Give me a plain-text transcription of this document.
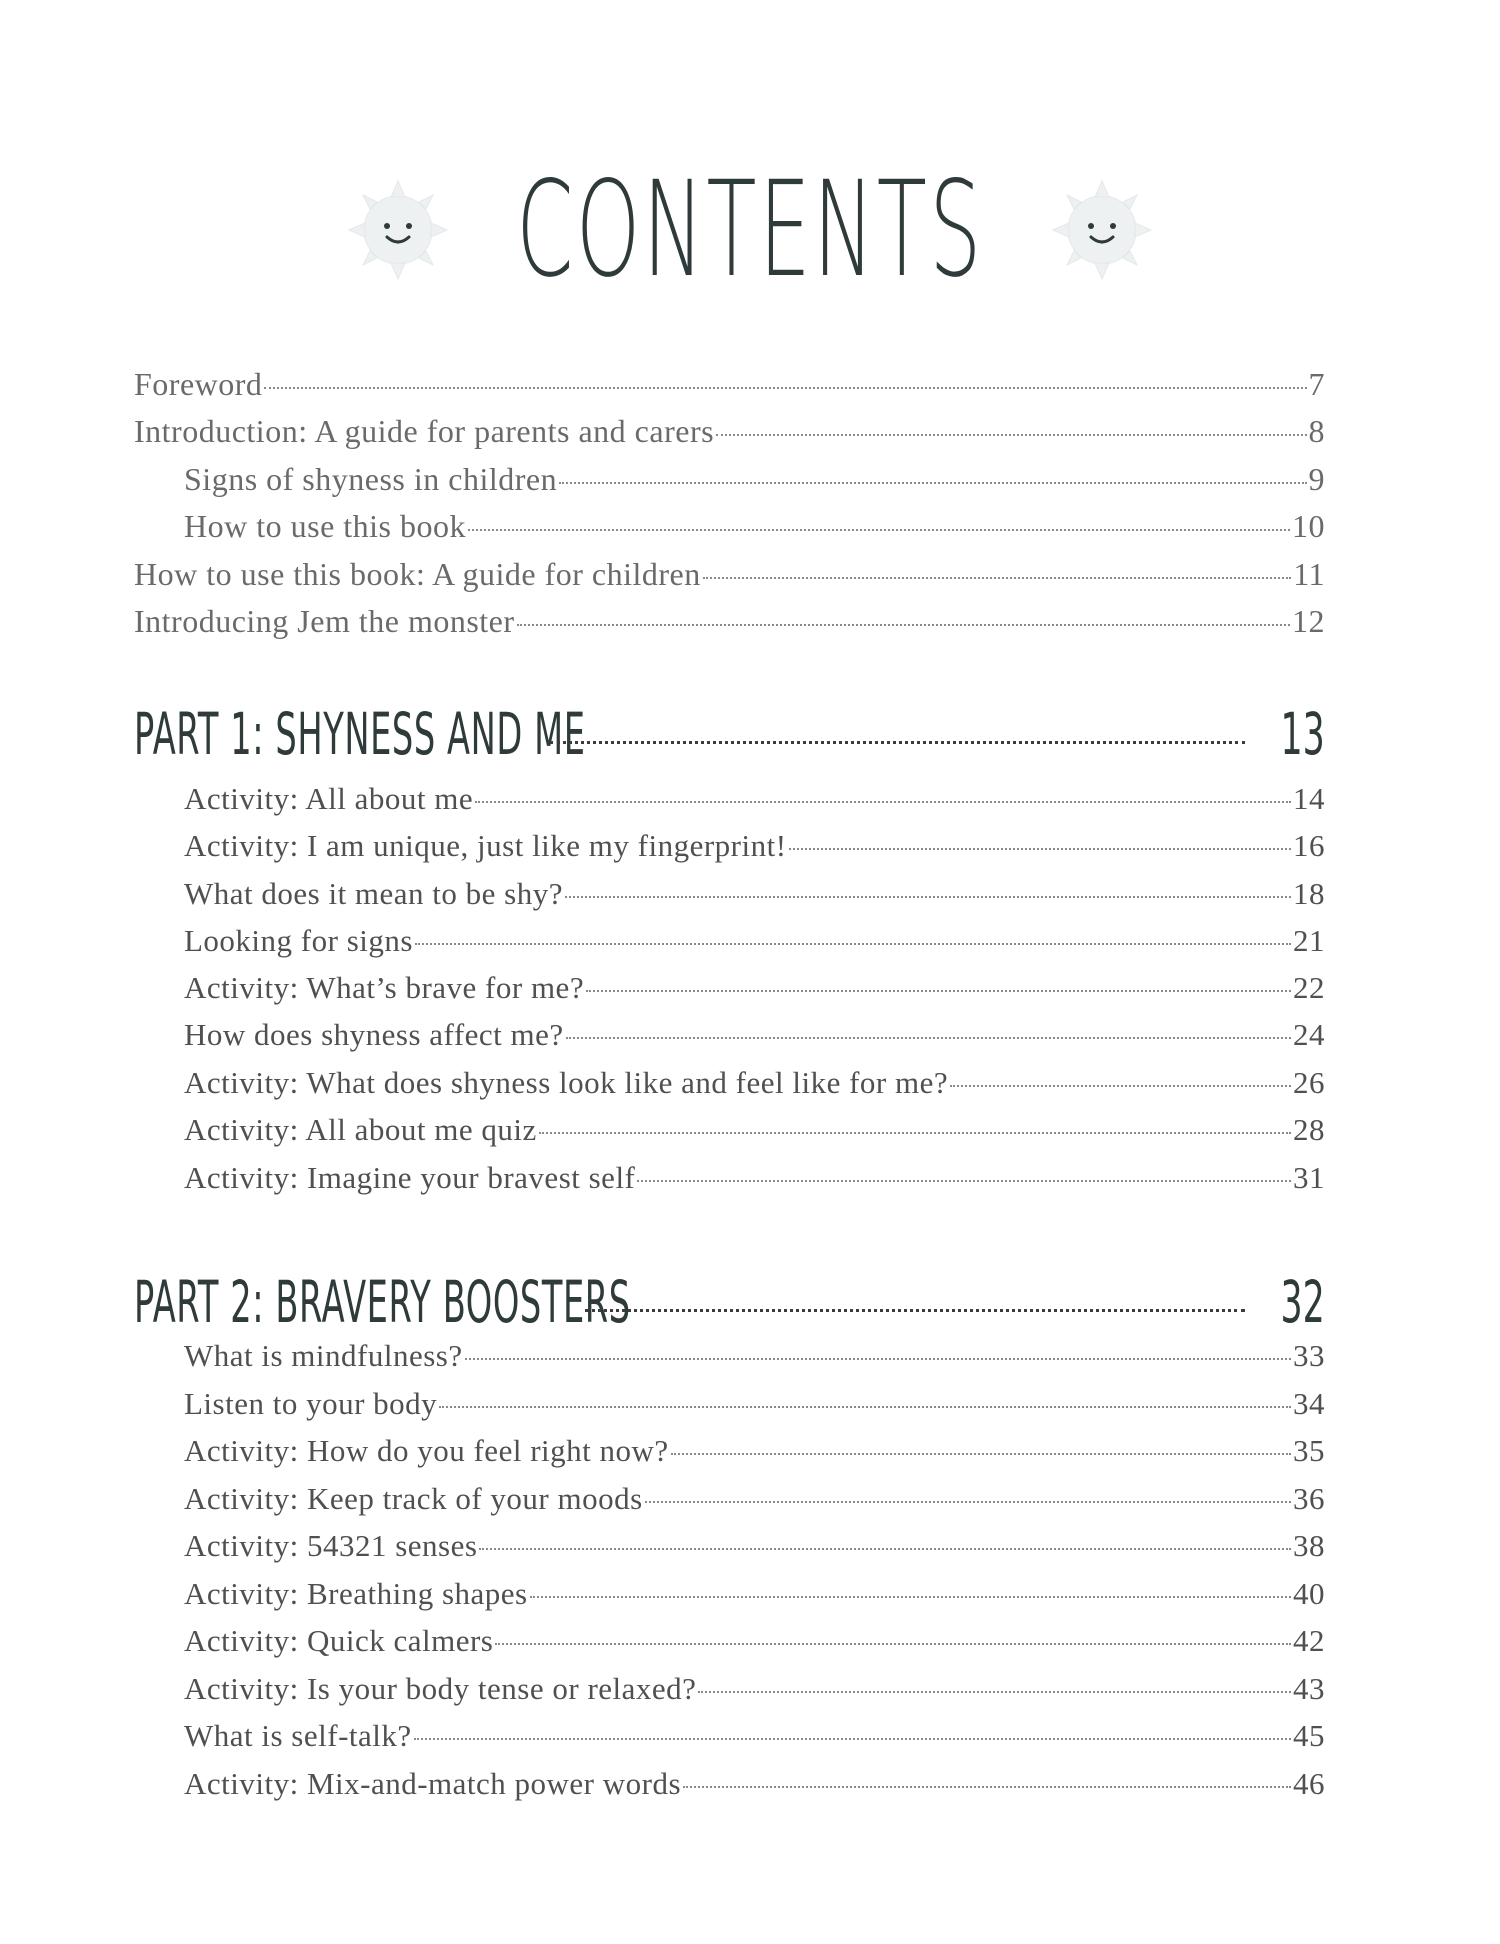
CONTENTS
Foreword	7
Introduction: A guide for parents and carers	8
Signs of shyness in children	9
How to use this book	10
How to use this book: A guide for children	11
Introducing Jem the monster	12
PART 1: SHYNESS AND ME	13
Activity: All about me	14
Activity: I am unique, just like my fingerprint!	16
What does it mean to be shy?	18
Looking for signs	21
Activity: What’s brave for me?	22
How does shyness affect me?	24
Activity: What does shyness look like and feel like for me?	26
Activity: All about me quiz	28
Activity: Imagine your bravest self	31
PART 2: BRAVERY BOOSTERS	32
What is mindfulness?	33
Listen to your body	34
Activity: How do you feel right now?	35
Activity: Keep track of your moods	36
Activity: 54321 senses	38
Activity: Breathing shapes	40
Activity: Quick calmers	42
Activity: Is your body tense or relaxed?	43
What is self-talk?	45
Activity: Mix-and-match power words	46
